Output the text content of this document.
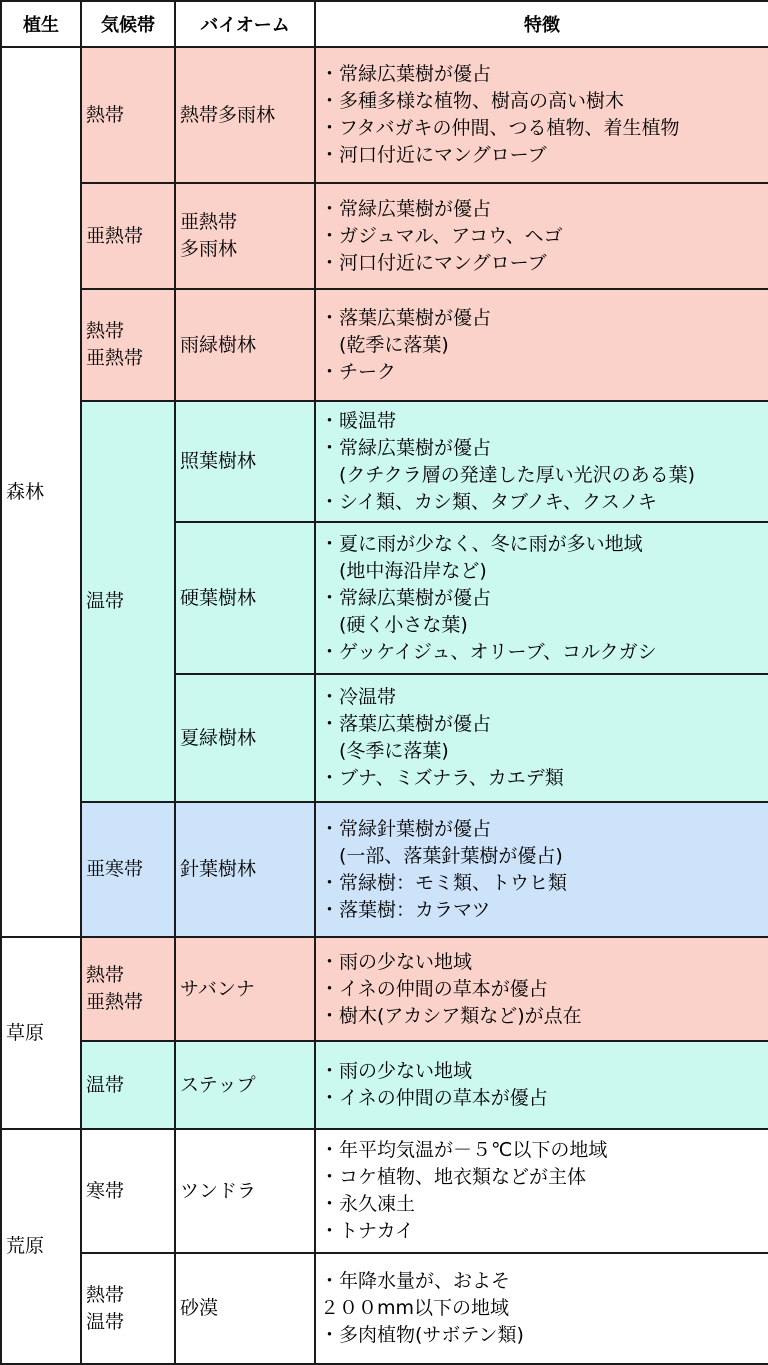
植生	気候帯	バイオーム	特徴
森林	熱帯	熱帯多雨林	・常緑広葉樹が優占
・多種多様な植物、樹高の高い樹木
・フタバガキの仲間、つる植物、着生植物
・河口付近にマングローブ

	亜熱帯	亜熱帯
多雨林	・常緑広葉樹が優占
・ガジュマル、アコウ、ヘゴ
・河口付近にマングローブ

	熱帯
亜熱帯	雨緑樹林	・落葉広葉樹が優占
　(乾季に落葉)
・チーク

	温帯	照葉樹林	・暖温帯
・常緑広葉樹が優占
　(クチクラ層の発達した厚い光沢のある葉)
・シイ類、カシ類、タブノキ、クスノキ

		硬葉樹林	・夏に雨が少なく、冬に雨が多い地域
　(地中海沿岸など)
・常緑広葉樹が優占
　(硬く小さな葉)
・ゲッケイジュ、オリーブ、コルクガシ

		夏緑樹林	・冷温帯
・落葉広葉樹が優占
　(冬季に落葉)
・ブナ、ミズナラ、カエデ類

	亜寒帯	針葉樹林	・常緑針葉樹が優占
　(一部、落葉針葉樹が優占)
・常緑樹：モミ類、トウヒ類
・落葉樹：カラマツ

草原	熱帯
亜熱帯	サバンナ	・雨の少ない地域
・イネの仲間の草本が優占
・樹木(アカシア類など)が点在

	温帯	ステップ	・雨の少ない地域
・イネの仲間の草本が優占

荒原	寒帯	ツンドラ	・年平均気温が－５℃以下の地域
・コケ植物、地衣類などが主体
・永久凍土
・トナカイ

	熱帯
温帯	砂漠	・年降水量が、およそ
２００mm以下の地域
・多肉植物(サボテン類)
